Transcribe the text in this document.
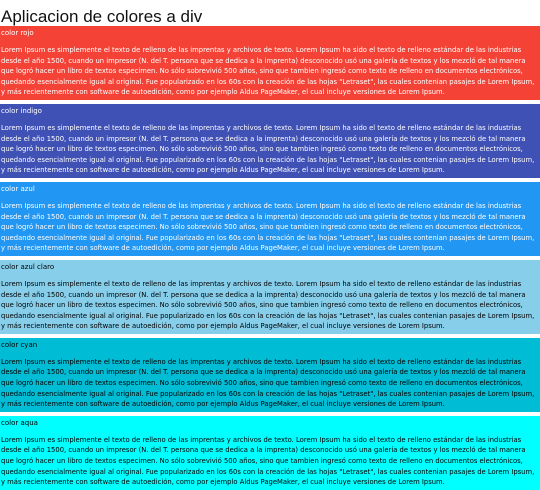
Aplicacion de colores a div
color rojo

Lorem Ipsum es simplemente el texto de relleno de las imprentas y archivos de texto. Lorem Ipsum ha sido el texto de relleno estándar de las industrias desde el año 1500, cuando un impresor (N. del T. persona que se dedica a la imprenta) desconocido usó una galería de textos y los mezcló de tal manera que logró hacer un libro de textos especimen. No sólo sobrevivió 500 años, sino que tambien ingresó como texto de relleno en documentos electrónicos, quedando esencialmente igual al original. Fue popularizado en los 60s con la creación de las hojas "Letraset", las cuales contenian pasajes de Lorem Ipsum, y más recientemente con software de autoedición, como por ejemplo Aldus PageMaker, el cual incluye versiones de Lorem Ipsum.

color indigo

Lorem Ipsum es simplemente el texto de relleno de las imprentas y archivos de texto. Lorem Ipsum ha sido el texto de relleno estándar de las industrias desde el año 1500, cuando un impresor (N. del T. persona que se dedica a la imprenta) desconocido usó una galería de textos y los mezcló de tal manera que logró hacer un libro de textos especimen. No sólo sobrevivió 500 años, sino que tambien ingresó como texto de relleno en documentos electrónicos, quedando esencialmente igual al original. Fue popularizado en los 60s con la creación de las hojas "Letraset", las cuales contenian pasajes de Lorem Ipsum, y más recientemente con software de autoedición, como por ejemplo Aldus PageMaker, el cual incluye versiones de Lorem Ipsum.

color azul

Lorem Ipsum es simplemente el texto de relleno de las imprentas y archivos de texto. Lorem Ipsum ha sido el texto de relleno estándar de las industrias desde el año 1500, cuando un impresor (N. del T. persona que se dedica a la imprenta) desconocido usó una galería de textos y los mezcló de tal manera que logró hacer un libro de textos especimen. No sólo sobrevivió 500 años, sino que tambien ingresó como texto de relleno en documentos electrónicos, quedando esencialmente igual al original. Fue popularizado en los 60s con la creación de las hojas "Letraset", las cuales contenian pasajes de Lorem Ipsum, y más recientemente con software de autoedición, como por ejemplo Aldus PageMaker, el cual incluye versiones de Lorem Ipsum.

color azul claro

Lorem Ipsum es simplemente el texto de relleno de las imprentas y archivos de texto. Lorem Ipsum ha sido el texto de relleno estándar de las industrias desde el año 1500, cuando un impresor (N. del T. persona que se dedica a la imprenta) desconocido usó una galería de textos y los mezcló de tal manera que logró hacer un libro de textos especimen. No sólo sobrevivió 500 años, sino que tambien ingresó como texto de relleno en documentos electrónicos, quedando esencialmente igual al original. Fue popularizado en los 60s con la creación de las hojas "Letraset", las cuales contenian pasajes de Lorem Ipsum, y más recientemente con software de autoedición, como por ejemplo Aldus PageMaker, el cual incluye versiones de Lorem Ipsum.

color cyan

Lorem Ipsum es simplemente el texto de relleno de las imprentas y archivos de texto. Lorem Ipsum ha sido el texto de relleno estándar de las industrias desde el año 1500, cuando un impresor (N. del T. persona que se dedica a la imprenta) desconocido usó una galería de textos y los mezcló de tal manera que logró hacer un libro de textos especimen. No sólo sobrevivió 500 años, sino que tambien ingresó como texto de relleno en documentos electrónicos, quedando esencialmente igual al original. Fue popularizado en los 60s con la creación de las hojas "Letraset", las cuales contenian pasajes de Lorem Ipsum, y más recientemente con software de autoedición, como por ejemplo Aldus PageMaker, el cual incluye versiones de Lorem Ipsum.

color aqua

Lorem Ipsum es simplemente el texto de relleno de las imprentas y archivos de texto. Lorem Ipsum ha sido el texto de relleno estándar de las industrias desde el año 1500, cuando un impresor (N. del T. persona que se dedica a la imprenta) desconocido usó una galería de textos y los mezcló de tal manera que logró hacer un libro de textos especimen. No sólo sobrevivió 500 años, sino que tambien ingresó como texto de relleno en documentos electrónicos, quedando esencialmente igual al original. Fue popularizado en los 60s con la creación de las hojas "Letraset", las cuales contenian pasajes de Lorem Ipsum, y más recientemente con software de autoedición, como por ejemplo Aldus PageMaker, el cual incluye versiones de Lorem Ipsum.
